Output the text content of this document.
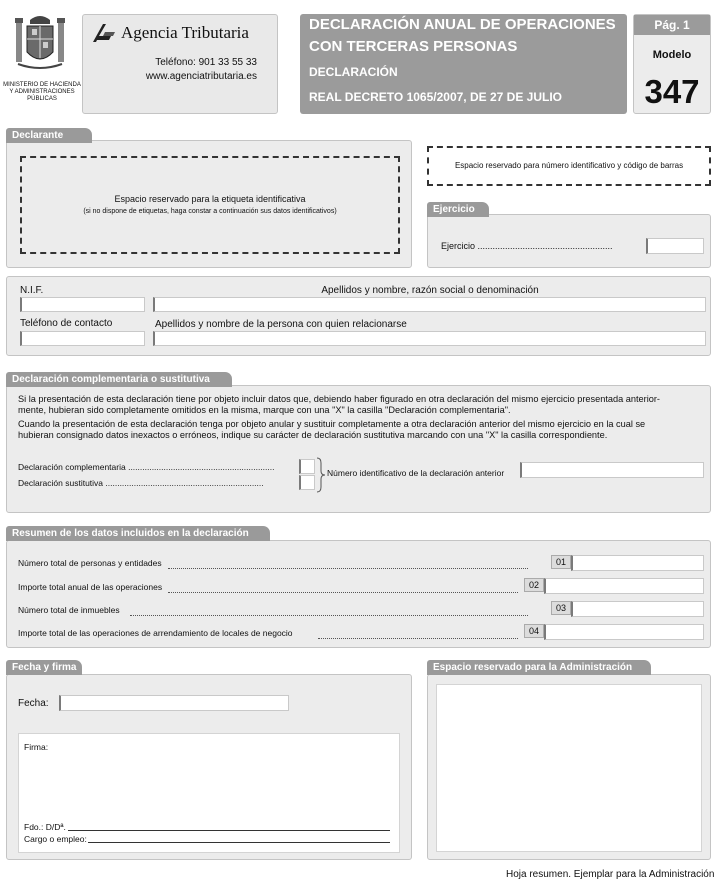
MINISTERIO DE HACIENDA
Y ADMINISTRACIONES
PÚBLICAS
Agencia Tributaria
Teléfono: 901 33 55 33
www.agenciatributaria.es
DECLARACIÓN ANUAL DE OPERACIONES
CON TERCERAS PERSONAS
DECLARACIÓN
REAL DECRETO 1065/2007, DE 27 DE JULIO
Pág. 1
Modelo
347
Declarante
Espacio reservado para la etiqueta identificativa
(si no dispone de etiquetas, haga constar a continuación sus datos identificativos)
Espacio reservado para número identificativo y código de barras
Ejercicio
Ejercicio ......................................................
N.I.F.	Apellidos y nombre, razón social o denominación
Teléfono de contacto	Apellidos y nombre de la persona con quien relacionarse
Declaración complementaria o sustitutiva
Si la presentación de esta declaración tiene por objeto incluir datos que, debiendo haber figurado en otra declaración del mismo ejercicio presentada anterior-
mente, hubieran sido completamente omitidos en la misma, marque con una "X" la casilla "Declaración complementaria".
Cuando la presentación de esta declaración tenga por objeto anular y sustituir completamente a otra declaración anterior del mismo ejercicio en la cual se
hubieran consignado datos inexactos o erróneos, indique su carácter de declaración sustitutiva marcando con una "X" la casilla correspondiente.
Declaración complementaria ..............................................................
Declaración sustitutiva ...................................................................
Número identificativo de la declaración anterior
Resumen de los datos incluidos en la declaración
Número total de personas y entidades	01
Importe total anual de las operaciones	02
Número total de inmuebles	03
Importe total de las operaciones de arrendamiento de locales de negocio	04
Fecha y firma
Fecha:
Firma:
Fdo.: D/Dª.
Cargo o empleo:
Espacio reservado para la Administración
Hoja resumen. Ejemplar para la Administración
